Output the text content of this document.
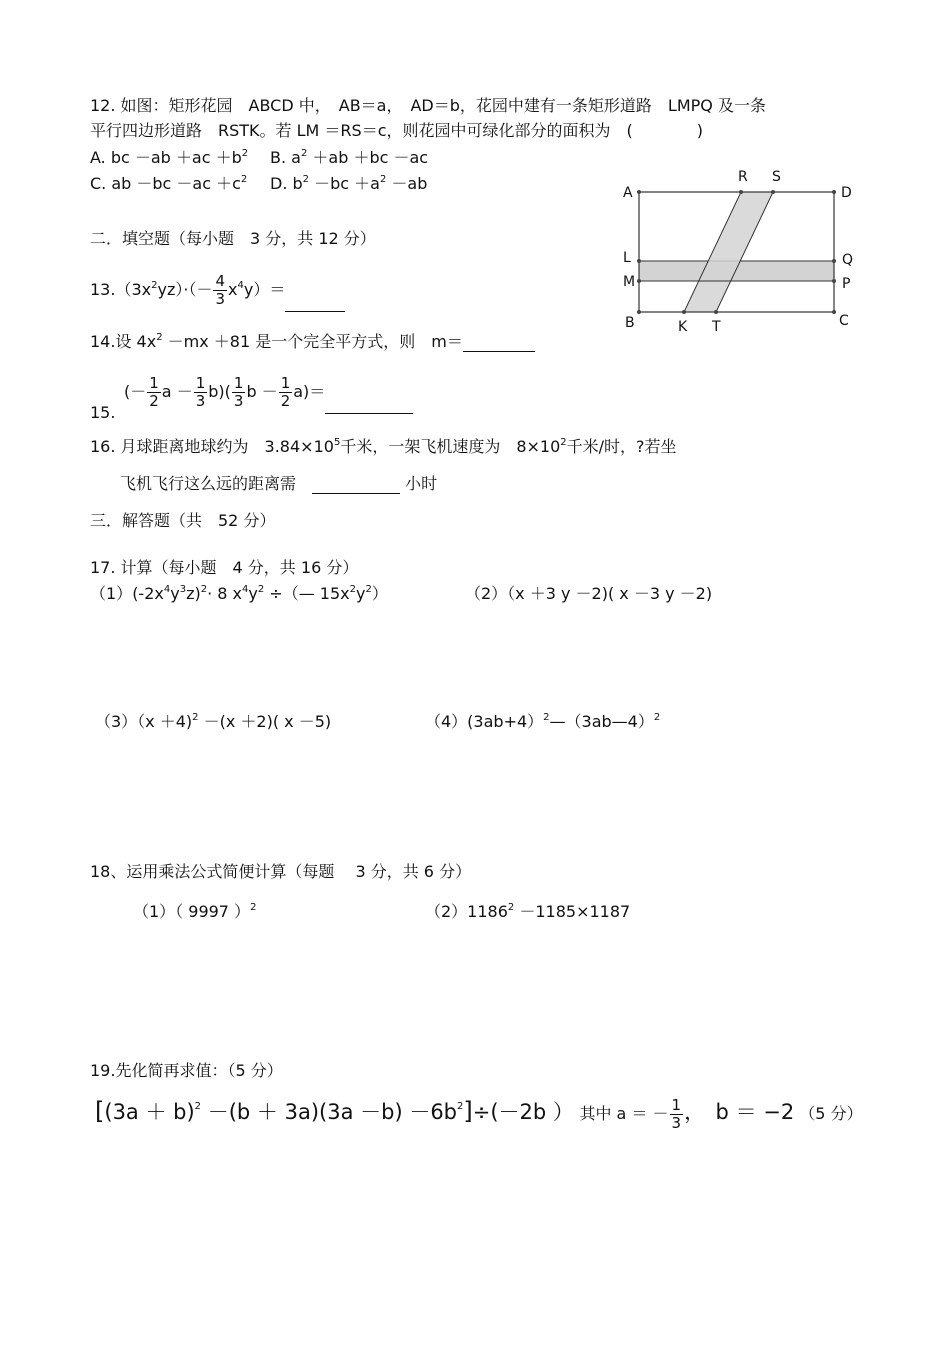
12. 如图：矩形花园　ABCD 中，　AB＝a，　AD＝b，花园中建有一条矩形道路　LMPQ 及一条
平行四边形道路　RSTK。若 LM ＝RS＝c，则花园中可绿化部分的面积为　(　　　　)
A. bc $-ab +ac +b^2$ B. $a^2 +ab +bc -ac$
C. ab $-bc -ac +c^2$ D. $b^2 -bc +a^2 -ab$	A
R S
D
L	Q
M	P
B	K T	C
二．填空题（每小题　3 分，共 12 分）
$13.(3x^2yz)\cdot(- \frac{4}{3} x^4y)=$
14.设 $4x^2 -mx +81$ 是一个完全平方式，则　m＝
(－ $\frac{1}{2}$ $a - \frac{1}{3} b)( \frac{1}{3}$ $b - \frac{1}{2} a)=$
15.
16. 月球距离地球约为　$3.84\times 10^5$千米，一架飞机速度为　$8\times 10^2$千米/时，?若坐
飞机飞行这么远的距离需　	小时
三．解答题（共　52 分）
17. 计算（每小题　4 分，共 16 分）
$(1)(-2x^4y^3z)^2\cdot 8$ $x^4y^2$ ÷（— $15x^2y^2$）	（2）（x ＋3 y －2)( x －3 y －2)
（3）（x ＋4)$^2$ －(x ＋2)( x －5)	（4）(3ab+4）$^2$—（3ab—4）$^2$
18、运用乘法公式简便计算（每题　 3 分，共 6 分）
（1）（ 9997 ）$^2$	$(2)1186^2 -1185\times 1187$
19.先化简再求值：（5 分）
$[(3a + b)^2 -(b + 3a)(3a -b) -6b^2]\div(-2b$ ）　 其中 a ＝ － $\frac{1}{3}$ ，　b ＝ −2 （5 分）
